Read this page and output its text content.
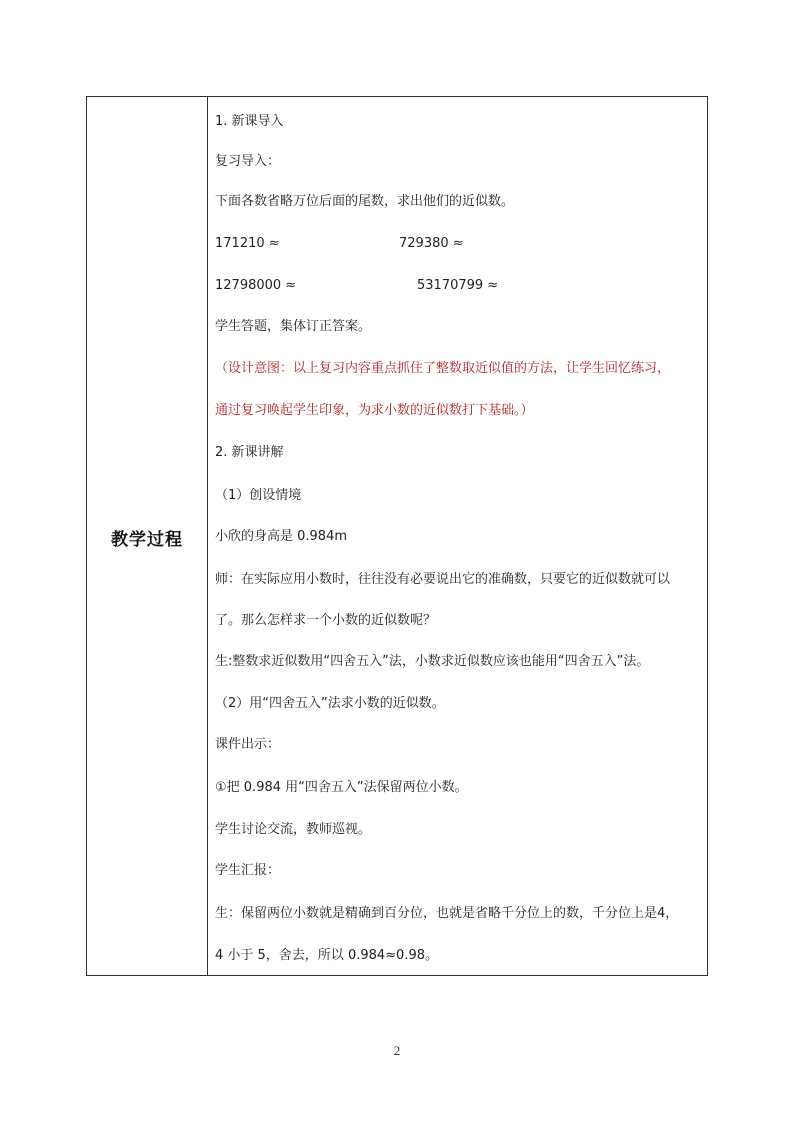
教学过程
1. 新课导入
复习导入：
下面各数省略万位后面的尾数，求出他们的近似数。
171210 ≈	729380 ≈
12798000 ≈	53170799 ≈
学生答题，集体订正答案。
（设计意图：以上复习内容重点抓住了整数取近似值的方法，让学生回忆练习，
通过复习唤起学生印象，为求小数的近似数打下基础。）
2. 新课讲解
（1）创设情境
小欣的身高是 0.984m
师：在实际应用小数时，往往没有必要说出它的准确数，只要它的近似数就可以
了。那么怎样求一个小数的近似数呢？
生:整数求近似数用“四舍五入”法，小数求近似数应该也能用“四舍五入”法。
（2）用“四舍五入”法求小数的近似数。
课件出示：
①把 0.984 用“四舍五入”法保留两位小数。
学生讨论交流，教师巡视。
学生汇报：
生：保留两位小数就是精确到百分位，也就是省略千分位上的数，千分位上是4，
4 小于 5，舍去，所以 0.984≈0.98。
2
